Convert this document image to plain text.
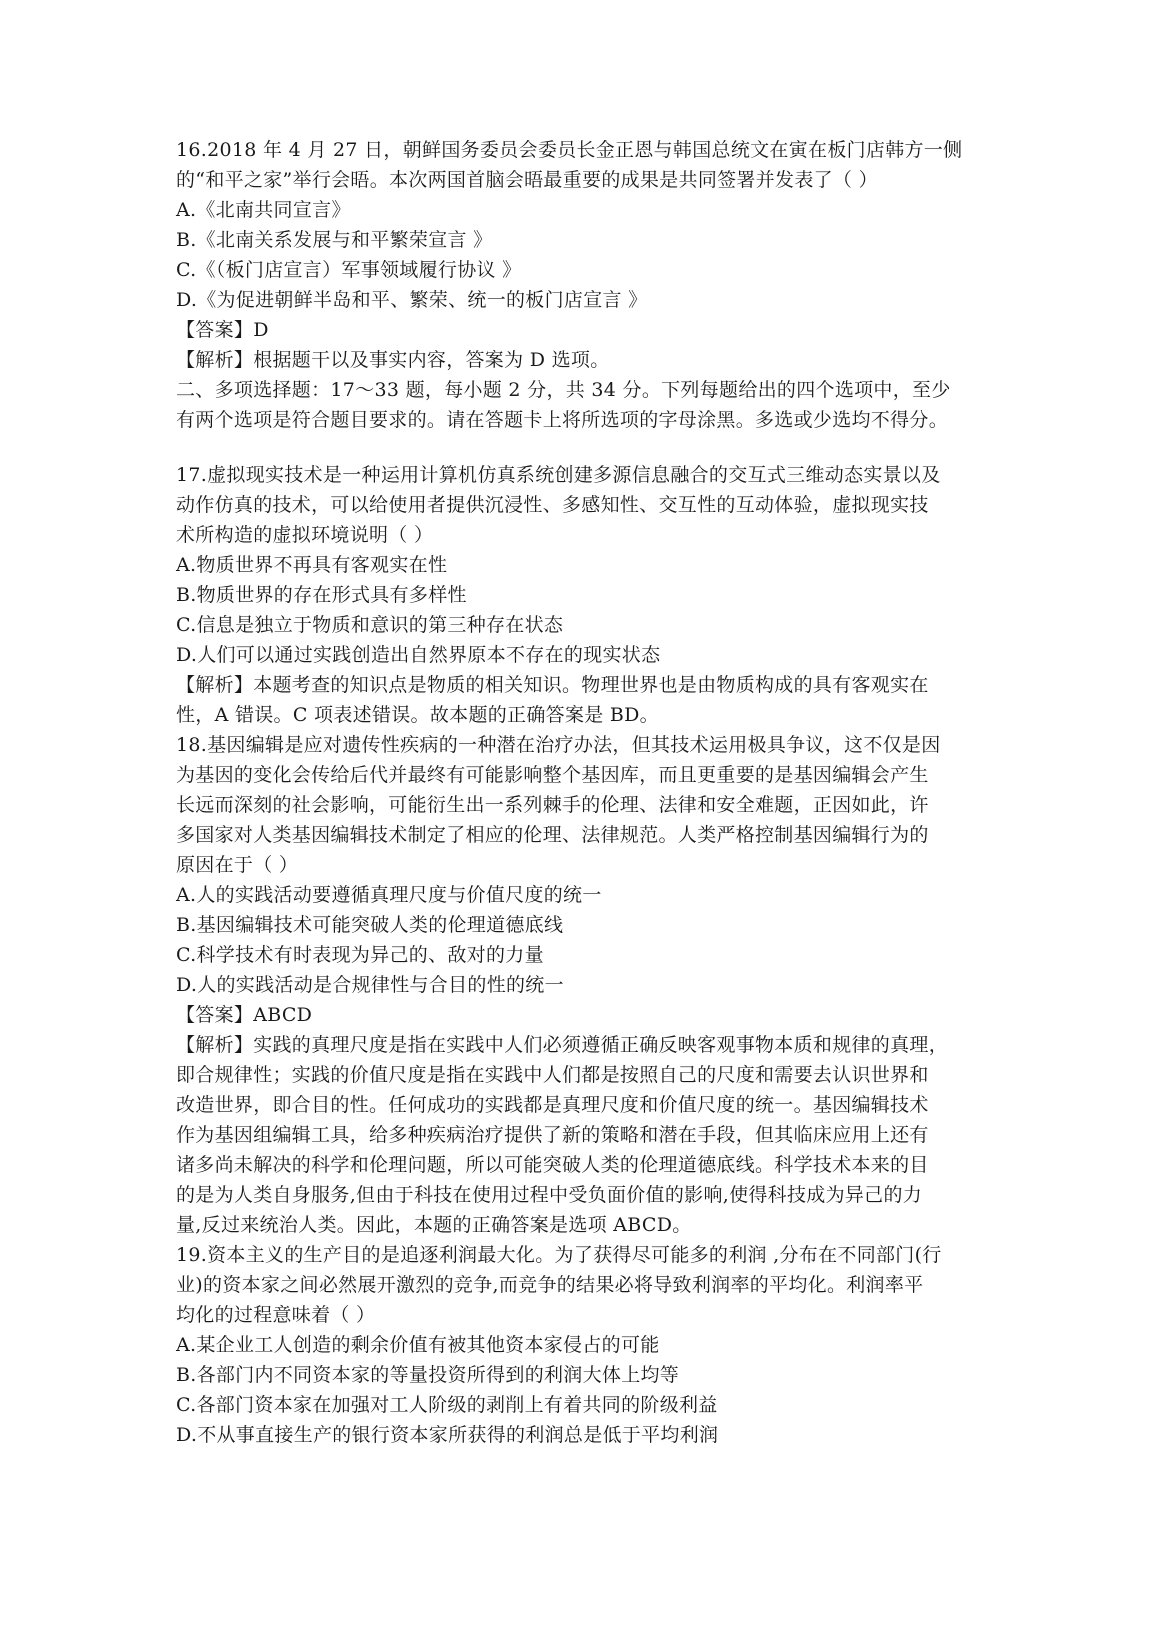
16.2018 年 4 月 27 日，朝鲜国务委员会委员长金正恩与韩国总统文在寅在板门店韩方一侧
的“和平之家”举行会晤。本次两国首脑会晤最重要的成果是共同签署并发表了（ ）
A.《北南共同宣言》
B.《北南关系发展与和平繁荣宣言 》
C.《（板门店宣言）军事领域履行协议 》
D.《为促进朝鲜半岛和平、繁荣、统一的板门店宣言 》
【答案】D
【解析】根据题干以及事实内容，答案为 D 选项。
二、多项选择题：17～33 题，每小题 2 分，共 34 分。下列每题给出的四个选项中，至少
有两个选项是符合题目要求的。请在答题卡上将所选项的字母涂黑。多选或少选均不得分。
17.虚拟现实技术是一种运用计算机仿真系统创建多源信息融合的交互式三维动态实景以及
动作仿真的技术，可以给使用者提供沉浸性、多感知性、交互性的互动体验，虚拟现实技
术所构造的虚拟环境说明（ ）
A.物质世界不再具有客观实在性
B.物质世界的存在形式具有多样性
C.信息是独立于物质和意识的第三种存在状态
D.人们可以通过实践创造出自然界原本不存在的现实状态
【解析】本题考查的知识点是物质的相关知识。物理世界也是由物质构成的具有客观实在
性，A 错误。C 项表述错误。故本题的正确答案是 BD。
18.基因编辑是应对遗传性疾病的一种潜在治疗办法，但其技术运用极具争议，这不仅是因
为基因的变化会传给后代并最终有可能影响整个基因库，而且更重要的是基因编辑会产生
长远而深刻的社会影响，可能衍生出一系列棘手的伦理、法律和安全难题，正因如此，许
多国家对人类基因编辑技术制定了相应的伦理、法律规范。人类严格控制基因编辑行为的
原因在于（ ）
A.人的实践活动要遵循真理尺度与价值尺度的统一
B.基因编辑技术可能突破人类的伦理道德底线
C.科学技术有时表现为异己的、敌对的力量
D.人的实践活动是合规律性与合目的性的统一
【答案】ABCD
【解析】实践的真理尺度是指在实践中人们必须遵循正确反映客观事物本质和规律的真理，
即合规律性；实践的价值尺度是指在实践中人们都是按照自己的尺度和需要去认识世界和
改造世界，即合目的性。任何成功的实践都是真理尺度和价值尺度的统一。基因编辑技术
作为基因组编辑工具，给多种疾病治疗提供了新的策略和潜在手段，但其临床应用上还有
诸多尚未解决的科学和伦理问题，所以可能突破人类的伦理道德底线。科学技术本来的目
的是为人类自身服务,但由于科技在使用过程中受负面价值的影响,使得科技成为异己的力
量,反过来统治人类。因此，本题的正确答案是选项 ABCD。
19.资本主义的生产目的是追逐利润最大化。为了获得尽可能多的利润 ,分布在不同部门(行
业)的资本家之间必然展开激烈的竞争,而竞争的结果必将导致利润率的平均化。利润率平
均化的过程意味着（ ）
A.某企业工人创造的剩余价值有被其他资本家侵占的可能
B.各部门内不同资本家的等量投资所得到的利润大体上均等
C.各部门资本家在加强对工人阶级的剥削上有着共同的阶级利益
D.不从事直接生产的银行资本家所获得的利润总是低于平均利润
